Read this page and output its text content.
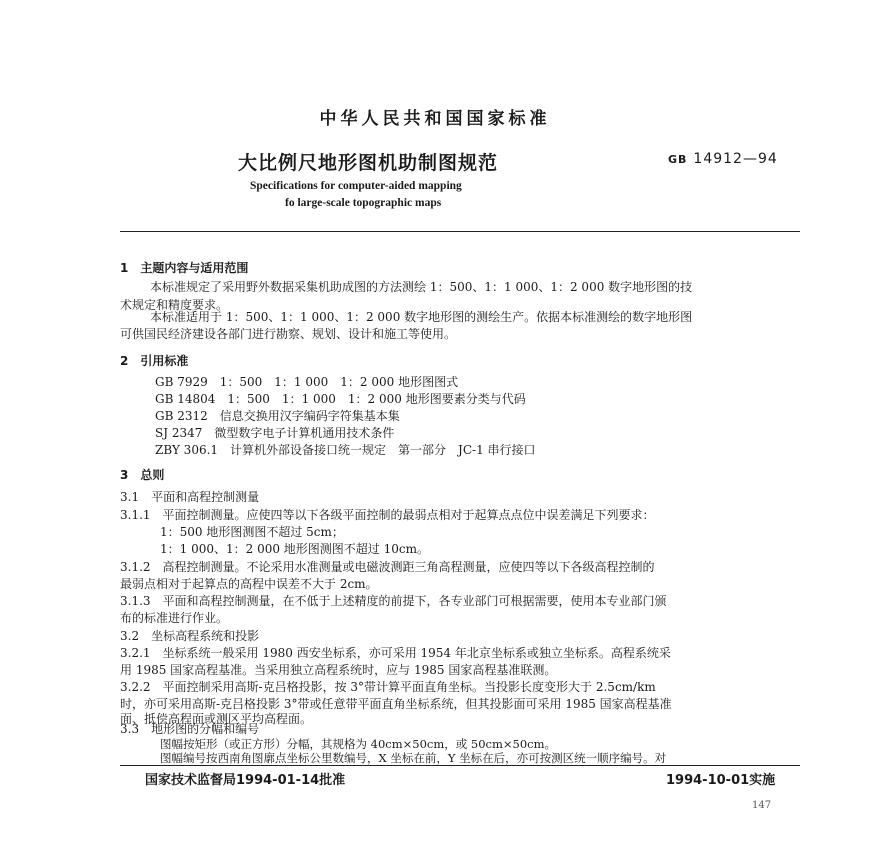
中华人民共和国国家标准
大比例尺地形图机助制图规范	GB 14912—94
Specifications for computer-aided mapping
fo large-scale topographic maps
1　主题内容与适用范围
本标准规定了采用野外数据采集机助成图的方法测绘 1：500、1：1 000、1：2 000 数字地形图的技
术规定和精度要求。
本标准适用于 1：500、1：1 000、1：2 000 数字地形图的测绘生产。依据本标准测绘的数字地形图
可供国民经济建设各部门进行勘察、规划、设计和施工等使用。
2　引用标准
GB 7929　1：500　1：1 000　1：2 000 地形图图式
GB 14804　1：500　1：1 000　1：2 000 地形图要素分类与代码
GB 2312　信息交换用汉字编码字符集基本集
SJ 2347　微型数字电子计算机通用技术条件
ZBY 306.1　计算机外部设备接口统一规定　第一部分　JC-1 串行接口
3　总则
3.1　平面和高程控制测量
3.1.1　平面控制测量。应使四等以下各级平面控制的最弱点相对于起算点点位中误差满足下列要求：
1：500 地形图测图不超过 5cm；
1：1 000、1：2 000 地形图测图不超过 10cm。
3.1.2　高程控制测量。不论采用水准测量或电磁波测距三角高程测量，应使四等以下各级高程控制的
最弱点相对于起算点的高程中误差不大于 2cm。
3.1.3　平面和高程控制测量，在不低于上述精度的前提下，各专业部门可根据需要，使用本专业部门颁
布的标准进行作业。
3.2　坐标高程系统和投影
3.2.1　坐标系统一般采用 1980 西安坐标系，亦可采用 1954 年北京坐标系或独立坐标系。高程系统采
用 1985 国家高程基准。当采用独立高程系统时，应与 1985 国家高程基准联测。
3.2.2　平面控制采用高斯-克吕格投影，按 3°带计算平面直角坐标。当投影长度变形大于 2.5cm/km
时，亦可采用高斯-克吕格投影 3°带或任意带平面直角坐标系统，但其投影面可采用 1985 国家高程基准
面、抵偿高程面或测区平均高程面。
3.3　地形图的分幅和编号
国家技术监督局1994-01-14批准	1994-10-01实施
147
图幅按矩形（或正方形）分幅，其规格为 40cm×50cm，或 50cm×50cm。
图幅编号按西南角图廓点坐标公里数编号，X 坐标在前，Y 坐标在后，亦可按测区统一顺序编号。对
